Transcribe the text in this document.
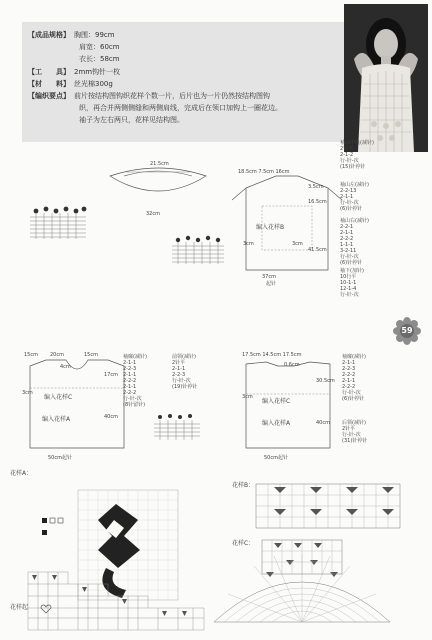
【成品规格】 胸围：99cm
肩宽：60cm
衣长：58cm
【工　　具】 2mm钩针一枚
【材　　料】 丝光棉300g
【编织要点】 前片按结构图钩织花样个数一片，后片也为一片仍然按结构图钩
织，再合并两侧侧缝和两侧肩线，完成后在领口加钩上一圈花边。
袖子为左右两只，花样见结构图。
21.5cm
32cm
18.5cm 7.5cm 16cm
3.5cm
16.5cm
3cm	3cm
编入花样B
41.5cm
37cm
起针
袖山中央(减针)
2针平
2-1-2
行-针-次
(15)针停针
袖山左(减针)
2-2-13
2-1-1
行-针-次
(6)针停针
袖山右(减针)
2-2-1
2-1-1
2-2-2
1-1-1
3-2-11
行-针-次
(6)针停针
袖下(加针)
10行平
10-1-1
12-1-4
行-针-次
15cm 20cm	15cm
4cm
17cm
3cm
编入花样C
编入花样A	40cm
50cm 起针
袖窿(减针)
2-1-1
2-2-3
2-1-1
2-2-2
2-1-1
2-2-2
行-针-次
(8针留针)
前领(减针)
2针平
2-1-1
2-2-3
行-针-次
(19)针停针
17.5cm 14.5cm 17.5cm
0.6cm
30.5cm
3cm
编入花样C
编入花样A	40cm
50cm 起针
袖窿(减针)
2-1-1
2-2-3
2-2-2
2-1-1
2-2-2
行-针-次
(6)针停针
后领(减针)
2针平
行-针-次
(31)针停针
59
花样A：
花样起
花样B：
花样C：
